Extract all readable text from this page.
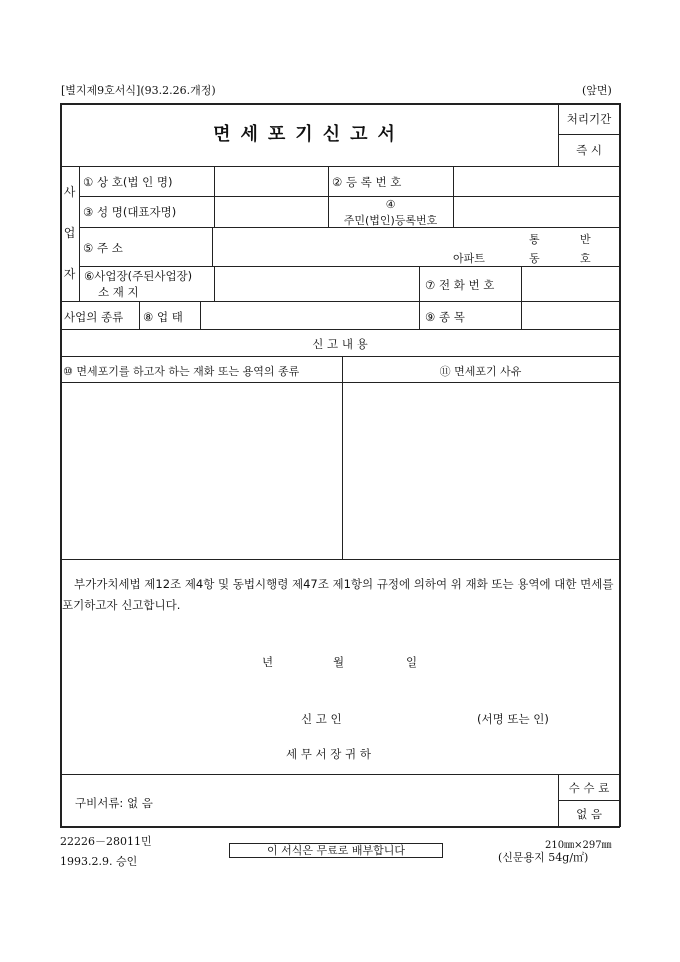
[별지제9호서식](93.2.26.개정)	(앞면)
면세포기신고서
처리기간
즉 시
사
업
자
① 상 호(법 인 명)	② 등 록 번 호
③ 성 명(대표자명)
④
주민(법인)등록번호
⑤ 주 소
통	반
아파트	동	호
⑥사업장(주된사업장)
소 재 지	⑦ 전 화 번 호
사업의 종류 ⑧ 업 태	⑨ 종 목
신 고 내 용
⑩ 면세포기를 하고자 하는 재화 또는 용역의 종류	⑪ 면세포기 사유
부가가치세법 제12조 제4항 및 동법시행령 제47조 제1항의 규정에 의하여 위 재화 또는 용역에 대한 면세를 포기하고자 신고합니다.
년	월	일
신 고 인	(서명 또는 인)
세 무 서 장 귀 하
구비서류: 없 음
수 수 료
없 음
22226－28011민
1993.2.9. 승인
이 서식은 무료로 배부합니다	210㎜×297㎜
(신문용지 54g/㎡)
